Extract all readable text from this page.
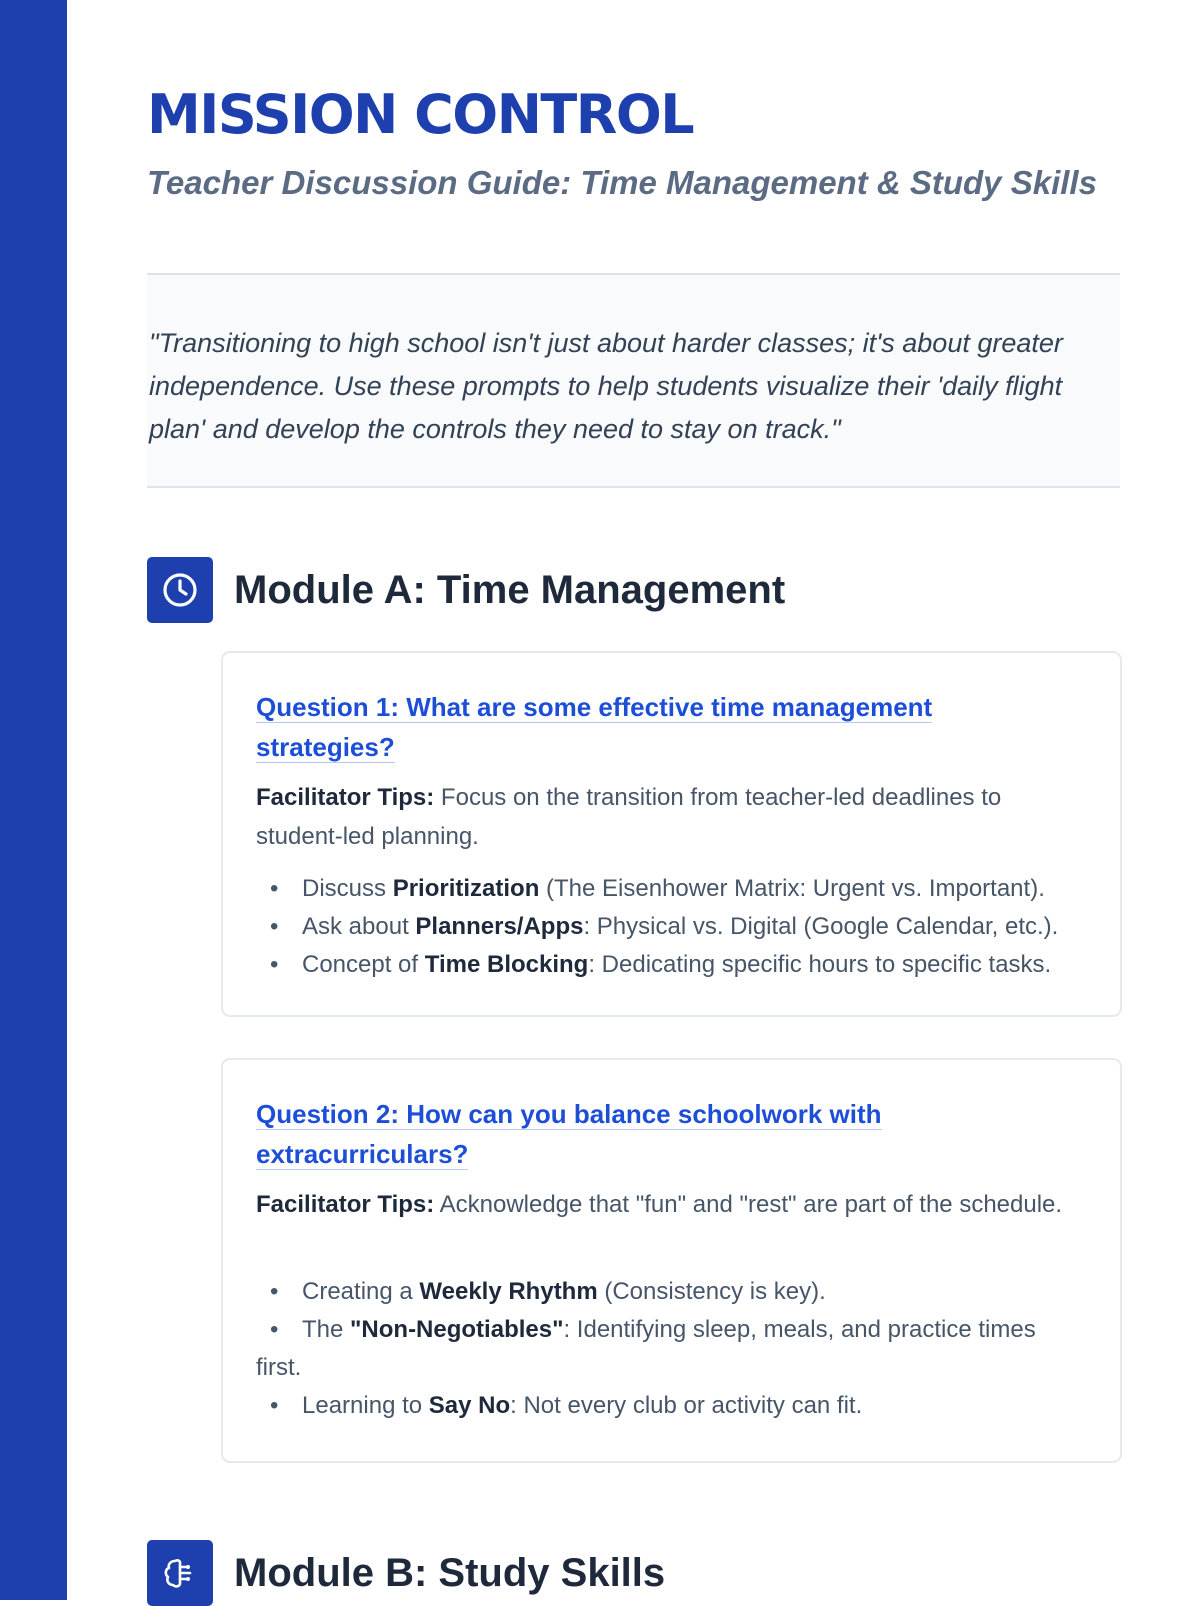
MISSION CONTROL
Teacher Discussion Guide: Time Management & Study Skills

"Transitioning to high school isn't just about harder classes; it's about greater independence. Use these prompts to help students visualize their 'daily flight plan' and develop the controls they need to stay on track."

Module A: Time Management
Question 1: What are some effective time management strategies?

Facilitator Tips: Focus on the transition from teacher-led deadlines to student-led planning.

• Discuss Prioritization (The Eisenhower Matrix: Urgent vs. Important).
• Ask about Planners/Apps: Physical vs. Digital (Google Calendar, etc.).
• Concept of Time Blocking: Dedicating specific hours to specific tasks.
Question 2: How can you balance schoolwork with extracurriculars?

Facilitator Tips: Acknowledge that "fun" and "rest" are part of the schedule.

• Creating a Weekly Rhythm (Consistency is key).
• The "Non-Negotiables": Identifying sleep, meals, and practice times first.
• Learning to Say No: Not every club or activity can fit.
Module B: Study Skills
